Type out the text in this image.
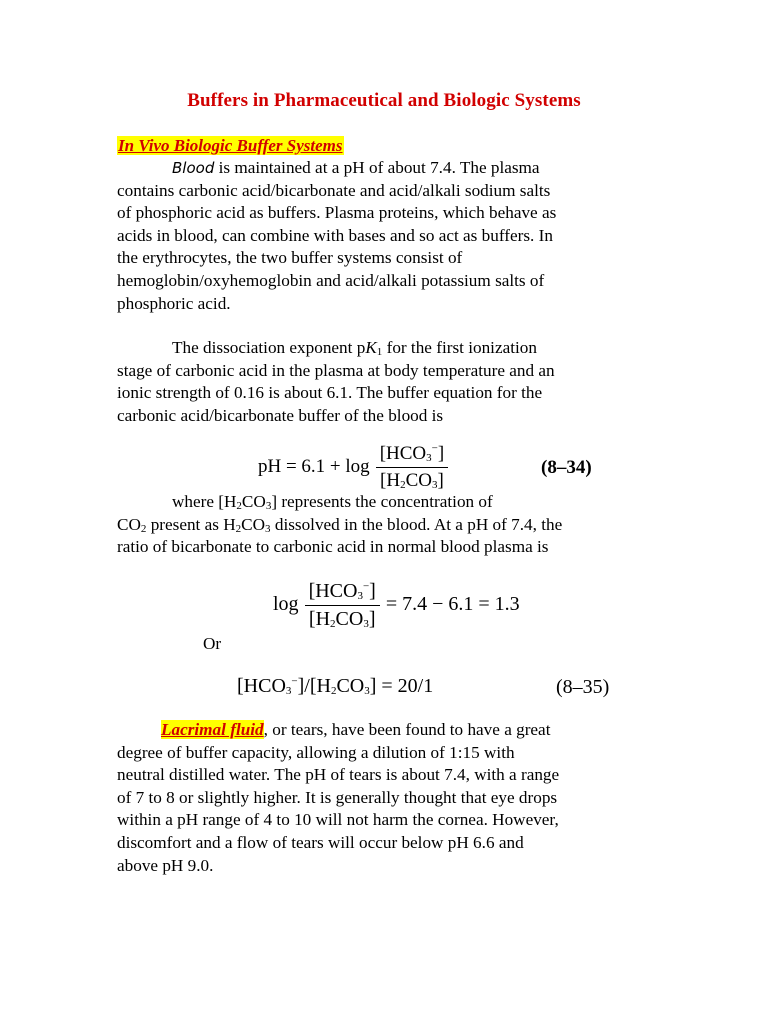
Buffers in Pharmaceutical and Biologic Systems
In Vivo Biologic Buffer Systems

Blood is maintained at a pH of about 7.4. The plasma
contains carbonic acid/bicarbonate and acid/alkali sodium salts
of phosphoric acid as buffers. Plasma proteins, which behave as
acids in blood, can combine with bases and so act as buffers. In
the erythrocytes, the two buffer systems consist of
hemoglobin/oxyhemoglobin and acid/alkali potassium salts of
phosphoric acid.

The dissociation exponent $pK_1$ for the first ionization
stage of carbonic acid in the plasma at body temperature and an
ionic strength of 0.16 is about 6.1. The buffer equation for the
carbonic acid/bicarbonate buffer of the blood is

pH = $6.1 + \log \frac{[HCO_3^-]}{[H_2CO_3]}$	(8–34)

where $[H_2CO_3]$ represents the concentration of
$CO_2$ present as $H_2CO_3$ dissolved in the blood. At a pH of 7.4, the
ratio of bicarbonate to carbonic acid in normal blood plasma is

$\log \frac{[HCO_3^-]}{[H_2CO_3]} = 7.4 - 6.1 = 1.3$
Or
$[HCO_3^-]/[H_2CO_3] = 20/1$	(8–35)

Lacrimal fluid, or tears, have been found to have a great
degree of buffer capacity, allowing a dilution of 1:15 with
neutral distilled water. The pH of tears is about 7.4, with a range
of 7 to 8 or slightly higher. It is generally thought that eye drops
within a pH range of 4 to 10 will not harm the cornea. However,
discomfort and a flow of tears will occur below pH 6.6 and
above pH 9.0.
